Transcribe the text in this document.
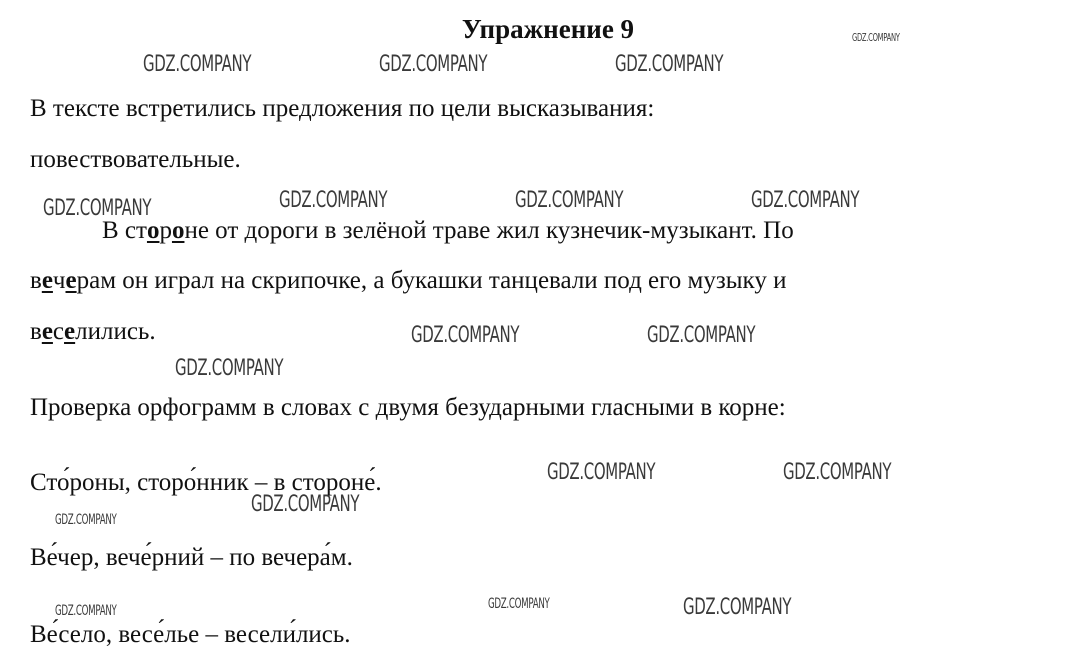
Упражнение 9	GDZ.COMPANY
GDZ.COMPANY	GDZ.COMPANY	GDZ.COMPANY
В тексте встретились предложения по цели высказывания:
повествовательные.
GDZ.COMPANY	GDZ.COMPANY	GDZ.COMPANY	GDZ.COMPANY
В стороне от дороги в зелёной траве жил кузнечик-музыкант. По
вечерам он играл на скрипочке, а букашки танцевали под его музыку и
веселились.	GDZ.COMPANY	GDZ.COMPANY
GDZ.COMPANY
Проверка орфограмм в словах с двумя безударными гласными в корне:
Сто́роны, сторо́нник – в стороне́.	GDZ.COMPANY	GDZ.COMPANY
GDZ.COMPANY
GDZ.COMPANY
Ве́чер, вече́рний – по вечера́м.
GDZ.COMPANY
GDZ.COMPANY	GDZ.COMPANY
Ве́село, весе́лье – весели́лись.
